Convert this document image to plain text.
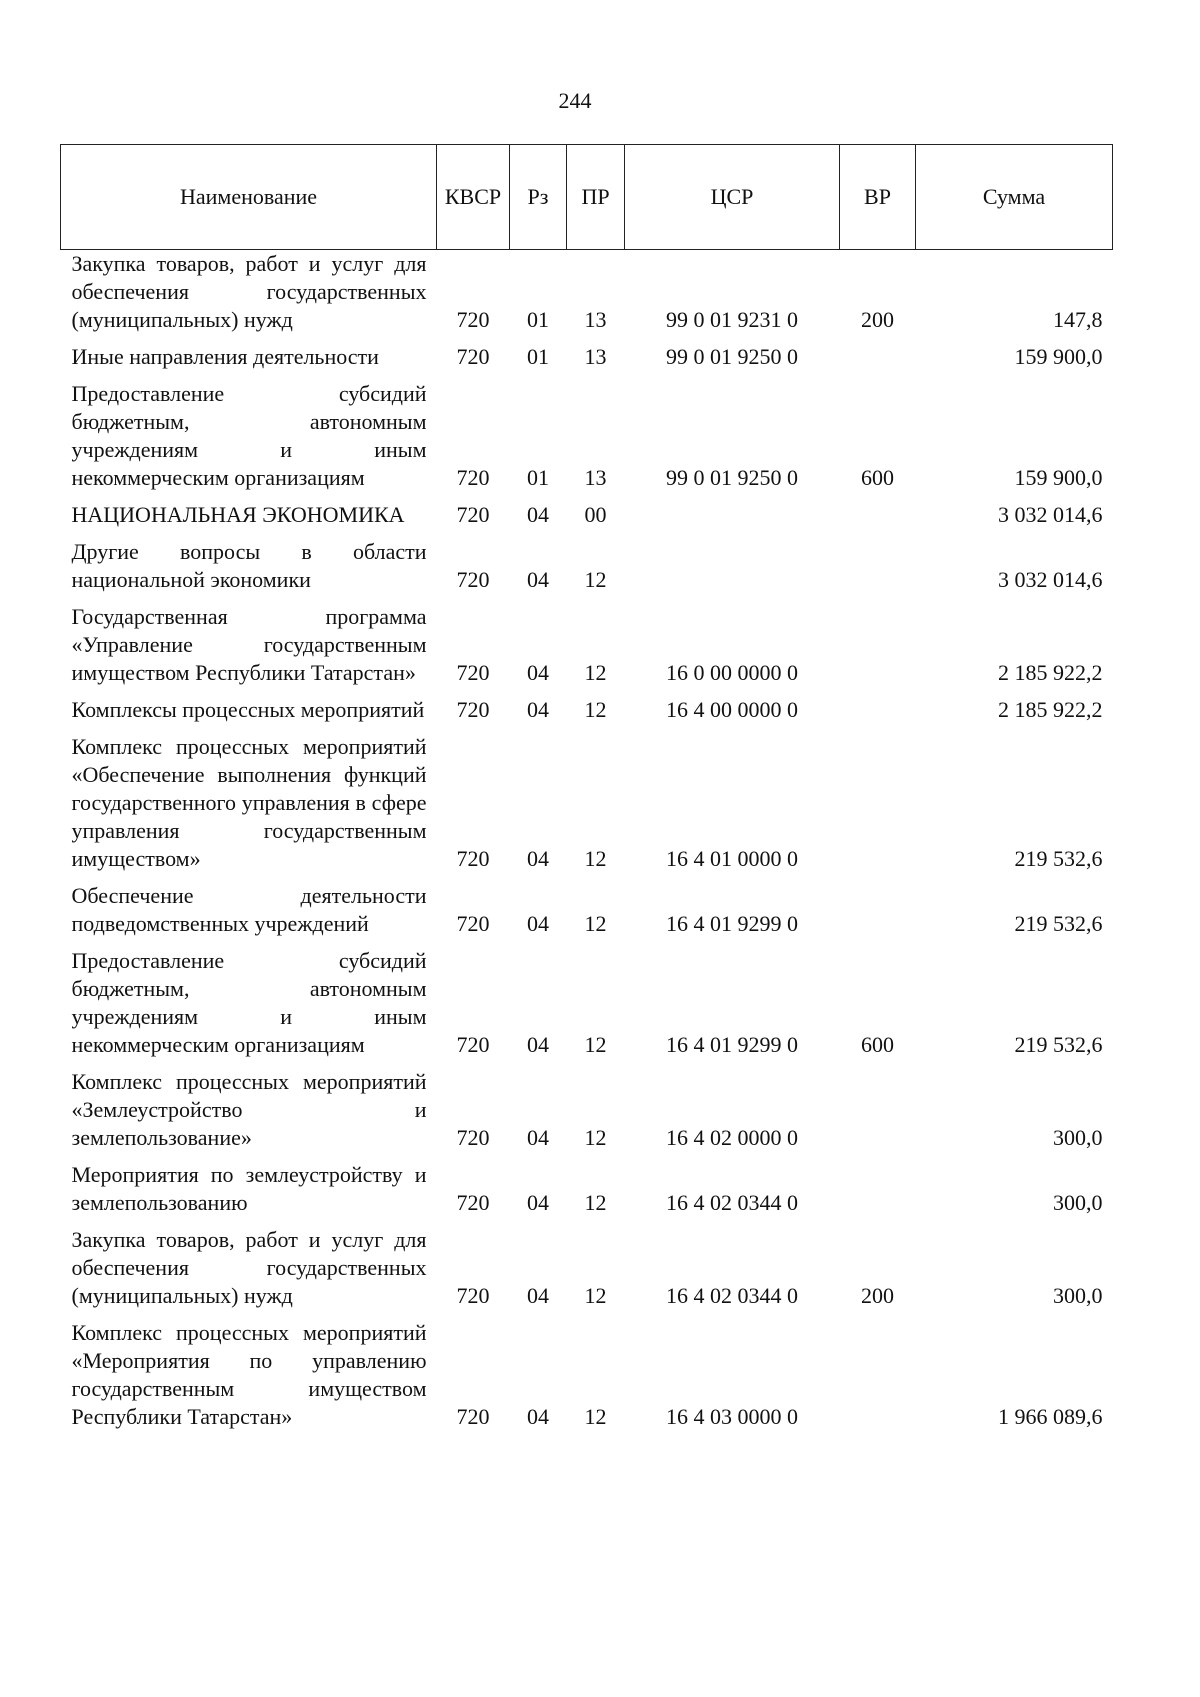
244
Наименование	КВСР	Рз	ПР	ЦСР	ВР	Сумма
Закупка товаров, работ и услуг для обеспечения государственных (муниципальных) нужд	720	01	13	99 0 01 9231 0	200	147,8
Иные направления деятельности	720	01	13	99 0 01 9250 0		159 900,0
Предоставление субсидий бюджетным, автономным учреждениям и иным некоммерческим организациям	720	01	13	99 0 01 9250 0	600	159 900,0
НАЦИОНАЛЬНАЯ ЭКОНОМИКА	720	04	00			3 032 014,6
Другие вопросы в области национальной экономики	720	04	12			3 032 014,6
Государственная программа «Управление государственным имуществом Республики Татарстан»	720	04	12	16 0 00 0000 0		2 185 922,2
Комплексы процессных мероприятий	720	04	12	16 4 00 0000 0		2 185 922,2
Комплекс процессных мероприятий «Обеспечение выполнения функций государственного управления в сфере управления государственным имуществом»	720	04	12	16 4 01 0000 0		219 532,6
Обеспечение деятельности подведомственных учреждений	720	04	12	16 4 01 9299 0		219 532,6
Предоставление субсидий бюджетным, автономным учреждениям и иным некоммерческим организациям	720	04	12	16 4 01 9299 0	600	219 532,6
Комплекс процессных мероприятий «Землеустройство и землепользование»	720	04	12	16 4 02 0000 0		300,0
Мероприятия по землеустройству и землепользованию	720	04	12	16 4 02 0344 0		300,0
Закупка товаров, работ и услуг для обеспечения государственных (муниципальных) нужд	720	04	12	16 4 02 0344 0	200	300,0
Комплекс процессных мероприятий «Мероприятия по управлению государственным имуществом Республики Татарстан»	720	04	12	16 4 03 0000 0		1 966 089,6
